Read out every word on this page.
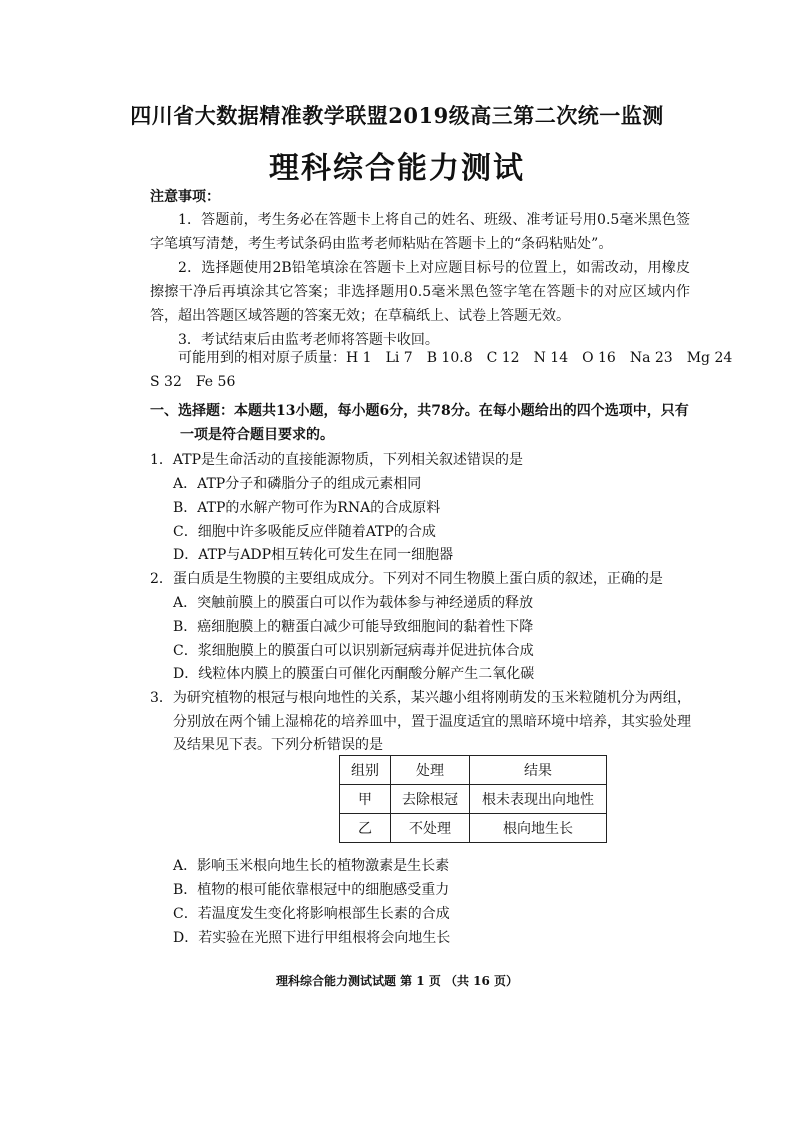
四川省大数据精准教学联盟2019级高三第二次统一监测
理科综合能力测试
注意事项：
1．答题前，考生务必在答题卡上将自己的姓名、班级、准考证号用0.5毫米黑色签字笔填写清楚，考生考试条码由监考老师粘贴在答题卡上的“条码粘贴处”。
2．选择题使用2B铅笔填涂在答题卡上对应题目标号的位置上，如需改动，用橡皮擦擦干净后再填涂其它答案；非选择题用0.5毫米黑色签字笔在答题卡的对应区域内作答，超出答题区域答题的答案无效；在草稿纸上、试卷上答题无效。
3．考试结束后由监考老师将答题卡收回。
可能用到的相对原子质量：H 1　Li 7　B 10.8　C 12　N 14　O 16　Na 23　Mg 24
S 32　Fe 56
一、选择题：本题共13小题，每小题6分，共78分。在每小题给出的四个选项中，只有
一项是符合题目要求的。
1．ATP是生命活动的直接能源物质，下列相关叙述错误的是
A．ATP分子和磷脂分子的组成元素相同
B．ATP的水解产物可作为RNA的合成原料
C．细胞中许多吸能反应伴随着ATP的合成
D．ATP与ADP相互转化可发生在同一细胞器
2．蛋白质是生物膜的主要组成成分。下列对不同生物膜上蛋白质的叙述，正确的是
A．突触前膜上的膜蛋白可以作为载体参与神经递质的释放
B．癌细胞膜上的糖蛋白减少可能导致细胞间的黏着性下降
C．浆细胞膜上的膜蛋白可以识别新冠病毒并促进抗体合成
D．线粒体内膜上的膜蛋白可催化丙酮酸分解产生二氧化碳
3．为研究植物的根冠与根向地性的关系，某兴趣小组将刚萌发的玉米粒随机分为两组，
分别放在两个铺上湿棉花的培养皿中，置于温度适宜的黑暗环境中培养，其实验处理
及结果见下表。下列分析错误的是
组别	处理	结果
甲	去除根冠	根未表现出向地性
乙	不处理	根向地生长
A．影响玉米根向地生长的植物激素是生长素
B．植物的根可能依靠根冠中的细胞感受重力
C．若温度发生变化将影响根部生长素的合成
D．若实验在光照下进行甲组根将会向地生长
理科综合能力测试试题 第 1 页 （共 16 页）
